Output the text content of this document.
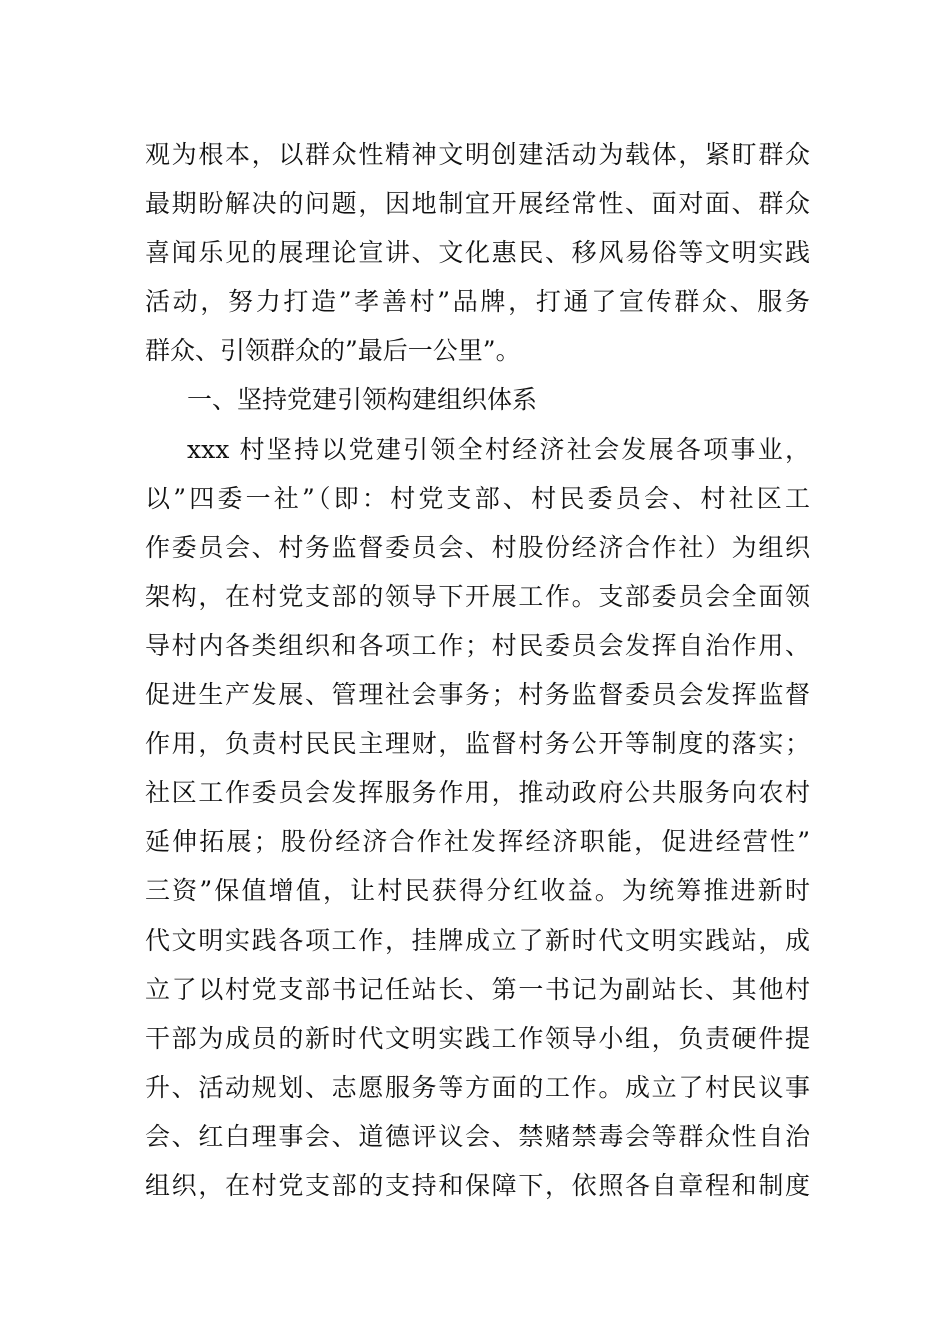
观为根本，以群众性精神文明创建活动为载体，紧盯群众
最期盼解决的问题，因地制宜开展经常性、面对面、群众
喜闻乐见的展理论宣讲、文化惠民、移风易俗等文明实践
活动，努力打造”孝善村”品牌，打通了宣传群众、服务
群众、引领群众的”最后一公里”。
一、坚持党建引领构建组织体系
xxx 村坚持以党建引领全村经济社会发展各项事业，
以”四委一社”（即：村党支部、村民委员会、村社区工
作委员会、村务监督委员会、村股份经济合作社）为组织
架构，在村党支部的领导下开展工作。支部委员会全面领
导村内各类组织和各项工作；村民委员会发挥自治作用、
促进生产发展、管理社会事务；村务监督委员会发挥监督
作用，负责村民民主理财，监督村务公开等制度的落实；
社区工作委员会发挥服务作用，推动政府公共服务向农村
延伸拓展；股份经济合作社发挥经济职能，促进经营性”
三资”保值增值，让村民获得分红收益。为统筹推进新时
代文明实践各项工作，挂牌成立了新时代文明实践站，成
立了以村党支部书记任站长、第一书记为副站长、其他村
干部为成员的新时代文明实践工作领导小组，负责硬件提
升、活动规划、志愿服务等方面的工作。成立了村民议事
会、红白理事会、道德评议会、禁赌禁毒会等群众性自治
组织，在村党支部的支持和保障下，依照各自章程和制度
